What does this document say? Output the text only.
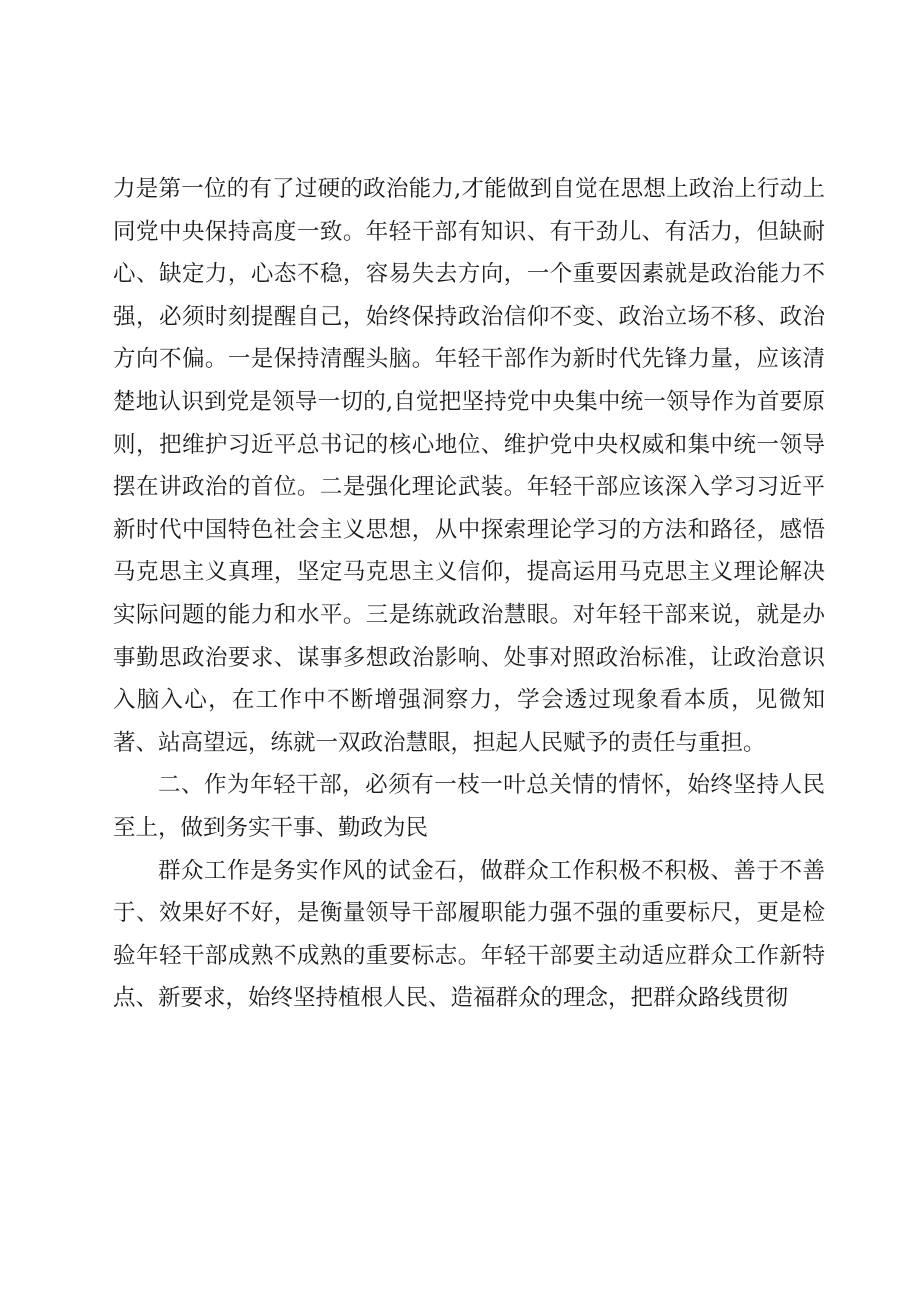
力是第一位的有了过硬的政治能力,才能做到自觉在思想上政治上行动上同党中央保持高度一致。年轻干部有知识、有干劲儿、有活力，但缺耐心、缺定力，心态不稳，容易失去方向，一个重要因素就是政治能力不强，必须时刻提醒自己，始终保持政治信仰不变、政治立场不移、政治方向不偏。一是保持清醒头脑。年轻干部作为新时代先锋力量，应该清楚地认识到党是领导一切的,自觉把坚持党中央集中统一领导作为首要原则，把维护习近平总书记的核心地位、维护党中央权威和集中统一领导摆在讲政治的首位。二是强化理论武装。年轻干部应该深入学习习近平新时代中国特色社会主义思想，从中探索理论学习的方法和路径，感悟马克思主义真理，坚定马克思主义信仰，提高运用马克思主义理论解决实际问题的能力和水平。三是练就政治慧眼。对年轻干部来说，就是办事勤思政治要求、谋事多想政治影响、处事对照政治标准，让政治意识入脑入心，在工作中不断增强洞察力，学会透过现象看本质，见微知著、站高望远，练就一双政治慧眼，担起人民赋予的责任与重担。

二、作为年轻干部，必须有一枝一叶总关情的情怀，始终坚持人民至上，做到务实干事、勤政为民

群众工作是务实作风的试金石，做群众工作积极不积极、善于不善于、效果好不好，是衡量领导干部履职能力强不强的重要标尺，更是检验年轻干部成熟不成熟的重要标志。年轻干部要主动适应群众工作新特点、新要求，始终坚持植根人民、造福群众的理念，把群众路线贯彻
